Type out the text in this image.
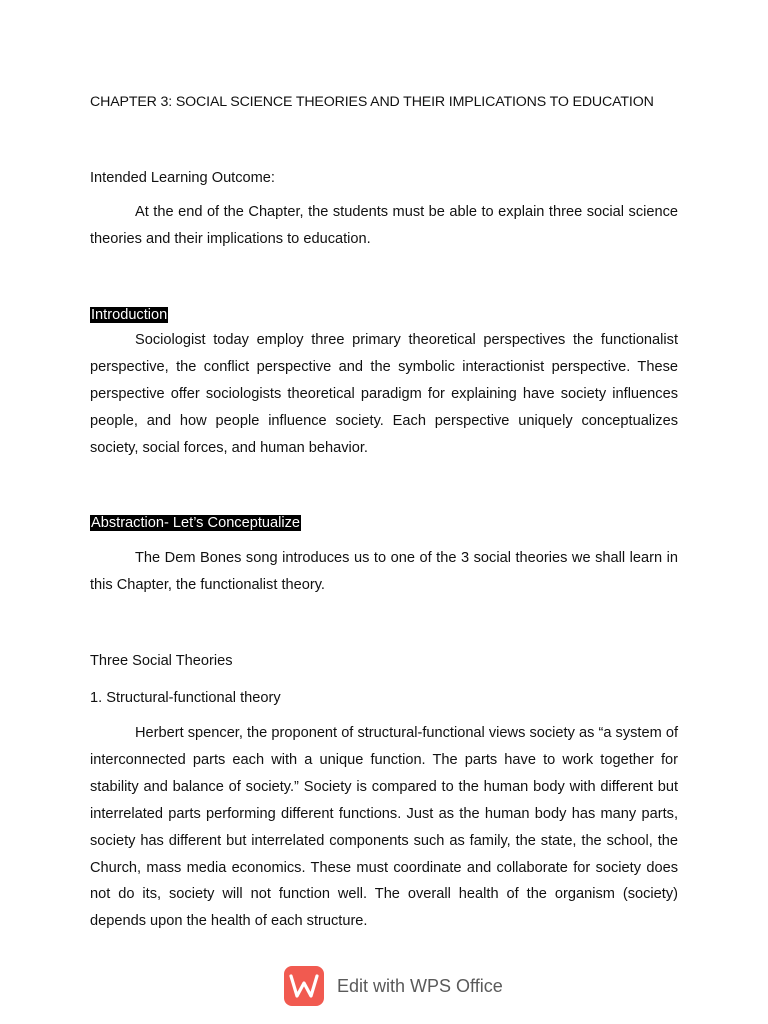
CHAPTER 3: SOCIAL SCIENCE THEORIES AND THEIR IMPLICATIONS TO EDUCATION
Intended Learning Outcome:
At the end of the Chapter, the students must be able to explain three social science theories and their implications to education.
Introduction
Sociologist today employ three primary theoretical perspectives the functionalist perspective, the conflict perspective and the symbolic interactionist perspective. These perspective offer sociologists theoretical paradigm for explaining have society influences people, and how people influence society. Each perspective uniquely conceptualizes society, social forces, and human behavior.
Abstraction- Let’s Conceptualize
The Dem Bones song introduces us to one of the 3 social theories we shall learn in this Chapter, the functionalist theory.
Three Social Theories
1. Structural-functional theory
Herbert spencer, the proponent of structural-functional views society as “a system of interconnected parts each with a unique function. The parts have to work together for stability and balance of society.” Society is compared to the human body with different but interrelated parts performing different functions. Just as the human body has many parts, society has different but interrelated components such as family, the state, the school, the Church, mass media economics. These must coordinate and collaborate for society does not do its, society will not function well. The overall health of the organism (society) depends upon the health of each structure.
Edit with WPS Office
